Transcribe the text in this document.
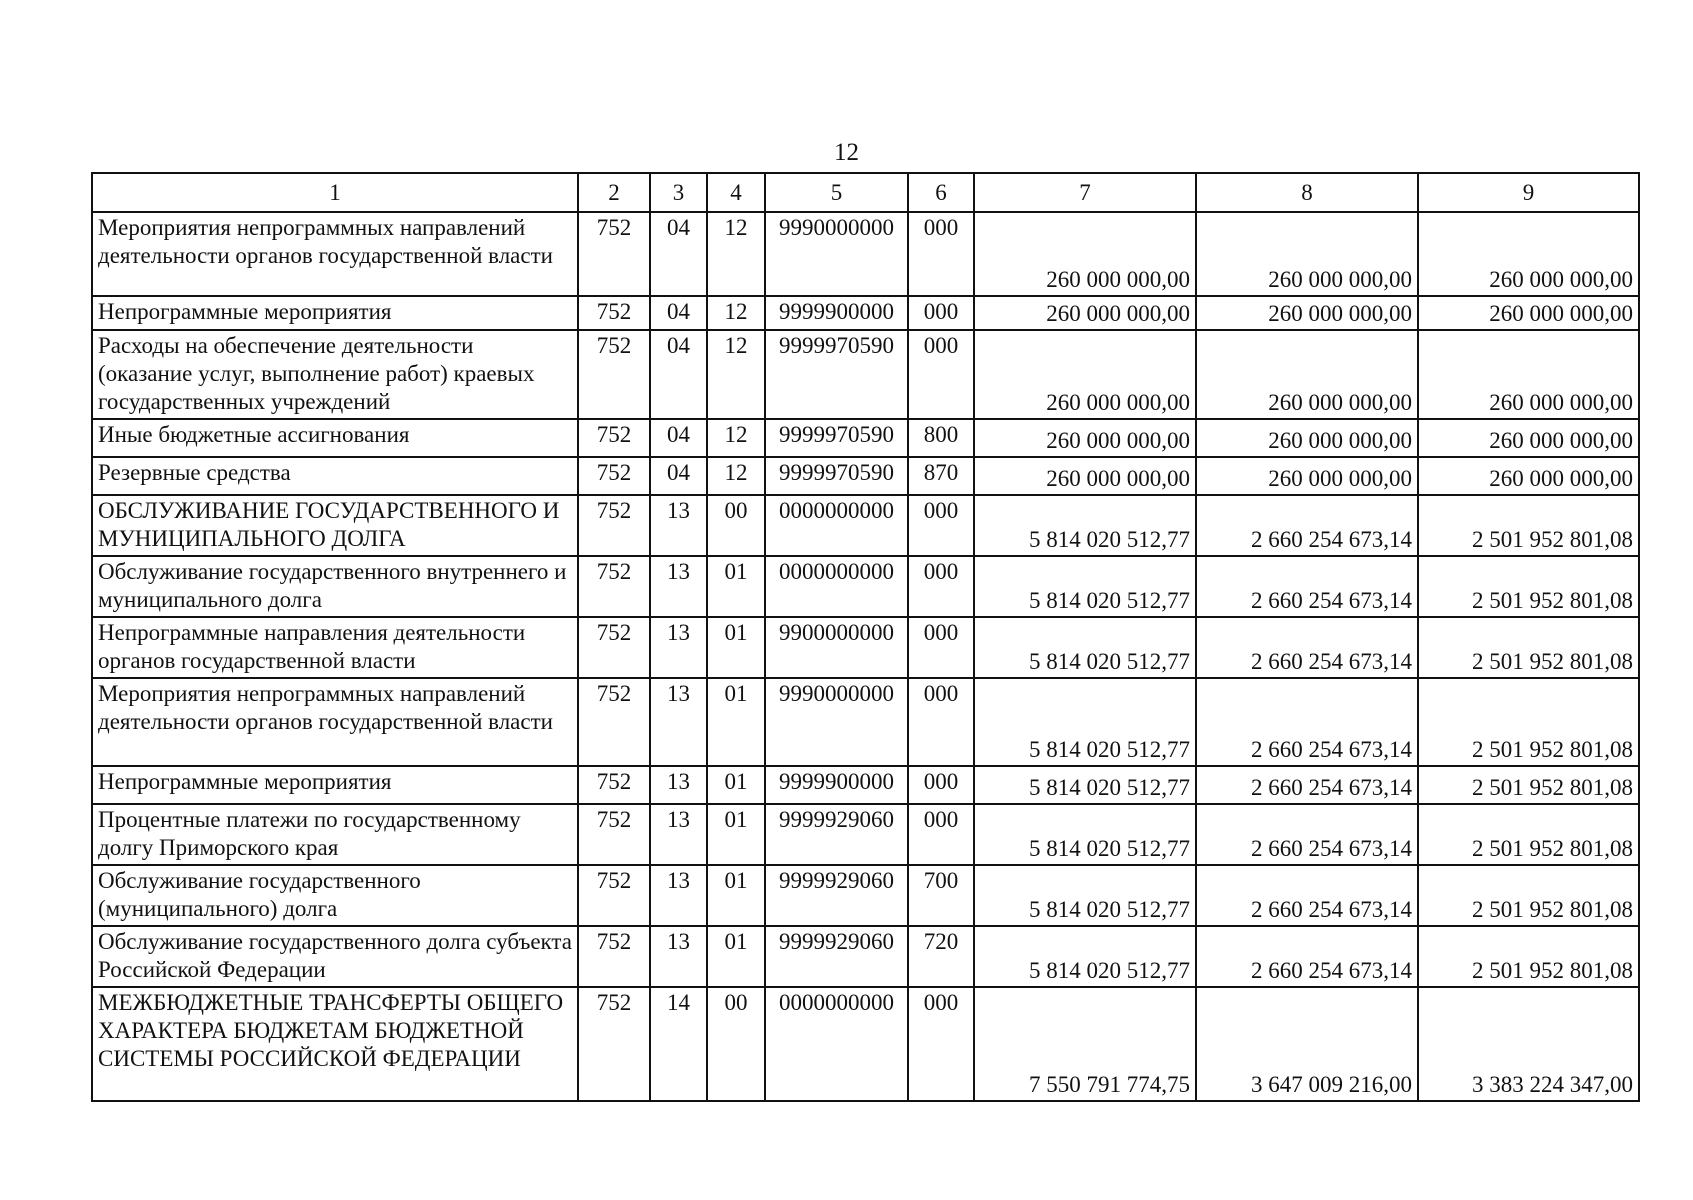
12
1	2	3	4	5	6	7	8	9
Мероприятия непрограммных направлений деятельности органов государственной власти	752	04	12	9990000000	000	260 000 000,00	260 000 000,00	260 000 000,00
Непрограммные мероприятия	752	04	12	9999900000	000	260 000 000,00	260 000 000,00	260 000 000,00
Расходы на обеспечение деятельности (оказание услуг, выполнение работ) краевых государственных учреждений	752	04	12	9999970590	000	260 000 000,00	260 000 000,00	260 000 000,00
Иные бюджетные ассигнования	752	04	12	9999970590	800	260 000 000,00	260 000 000,00	260 000 000,00
Резервные средства	752	04	12	9999970590	870	260 000 000,00	260 000 000,00	260 000 000,00
ОБСЛУЖИВАНИЕ ГОСУДАРСТВЕННОГО И МУНИЦИПАЛЬНОГО ДОЛГА	752	13	00	0000000000	000	5 814 020 512,77	2 660 254 673,14	2 501 952 801,08
Обслуживание государственного внутреннего и муниципального долга	752	13	01	0000000000	000	5 814 020 512,77	2 660 254 673,14	2 501 952 801,08
Непрограммные направления деятельности органов государственной власти	752	13	01	9900000000	000	5 814 020 512,77	2 660 254 673,14	2 501 952 801,08
Мероприятия непрограммных направлений деятельности органов государственной власти	752	13	01	9990000000	000	5 814 020 512,77	2 660 254 673,14	2 501 952 801,08
Непрограммные мероприятия	752	13	01	9999900000	000	5 814 020 512,77	2 660 254 673,14	2 501 952 801,08
Процентные платежи по государственному долгу Приморского края	752	13	01	9999929060	000	5 814 020 512,77	2 660 254 673,14	2 501 952 801,08
Обслуживание государственного (муниципального) долга	752	13	01	9999929060	700	5 814 020 512,77	2 660 254 673,14	2 501 952 801,08
Обслуживание государственного долга субъекта Российской Федерации	752	13	01	9999929060	720	5 814 020 512,77	2 660 254 673,14	2 501 952 801,08
МЕЖБЮДЖЕТНЫЕ ТРАНСФЕРТЫ ОБЩЕГО ХАРАКТЕРА БЮДЖЕТАМ БЮДЖЕТНОЙ СИСТЕМЫ РОССИЙСКОЙ ФЕДЕРАЦИИ	752	14	00	0000000000	000	7 550 791 774,75	3 647 009 216,00	3 383 224 347,00
